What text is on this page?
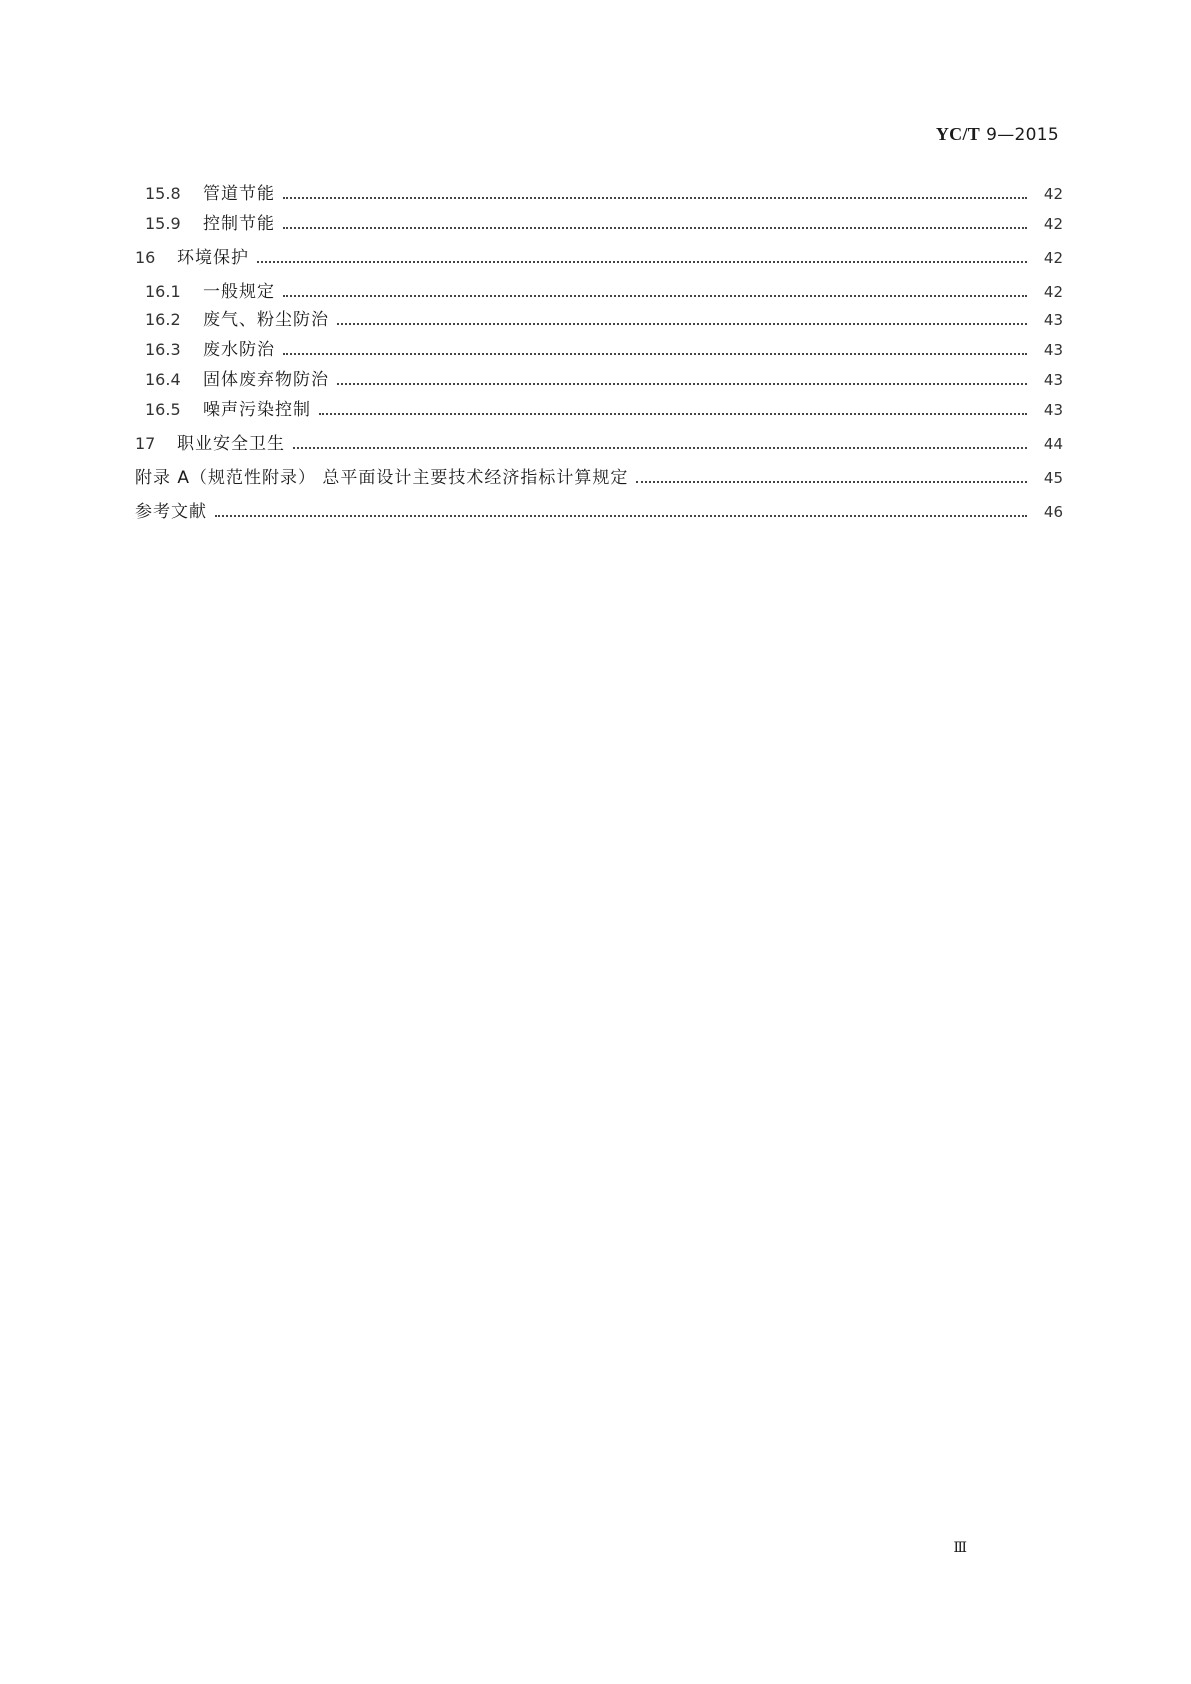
YC/T 9—2015
15.8	管道节能	42
15.9	控制节能	42
16	环境保护	42
16.1	一般规定	42
16.2	废气、粉尘防治	43
16.3	废水防治	43
16.4	固体废弃物防治	43
16.5	噪声污染控制	43
17	职业安全卫生	44
附录 A（规范性附录） 总平面设计主要技术经济指标计算规定	45
参考文献	46
Ⅲ
